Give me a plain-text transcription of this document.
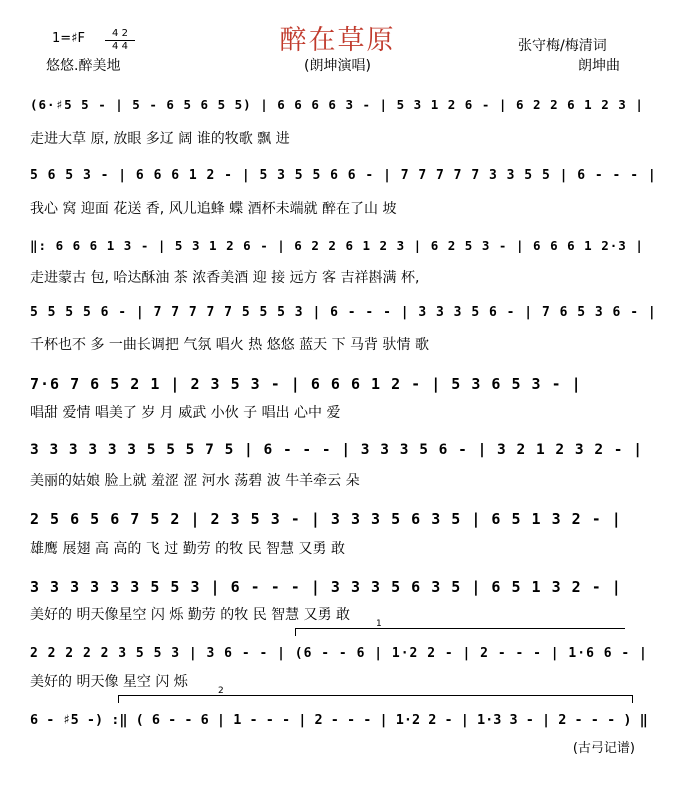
醉在草原
1=♯F	4 2
4 4
悠悠.醉美地	(朗坤演唱)
张守梅/梅清词
朗坤曲
(6·♯5 5 - | 5 - 6 5 6 5 5) | 6 6 6 6 3 - | 5 3 1 2 6 - | 6 2 2 6 1 2 3 |
走进大草 原, 放眼 多辽 阔 谁的牧歌 飘 进
5 6 5 3 - | 6 6 6 1 2 - | 5 3 5 5 6 6 - | 7 7 7 7 7 3 3 5 5 | 6 - - - |
我心 窝 迎面 花送 香, 风儿追蜂 蝶 酒杯未端就 醉在了山 坡
‖: 6 6 6 1 3 - | 5 3 1 2 6 - | 6 2 2 6 1 2 3 | 6 2 5 3 - | 6 6 6 1 2·3 |
走进蒙古 包, 哈达酥油 茶 浓香美酒 迎 接 远方 客 吉祥斟满 杯,
5 5 5 5 6 - | 7 7 7 7 7 5 5 5 3 | 6 - - - | 3 3 3 5 6 - | 7 6 5 3 6 - |
千杯也不 多 一曲长调把 气氛 唱火 热 悠悠 蓝天 下 马背 驮情 歌
7·6 7 6 5 2 1 | 2 3 5 3 - | 6 6 6 1 2 - | 5 3 6 5 3 - |
唱甜 爱情 唱美了 岁 月 威武 小伙 子 唱出 心中 爱
3 3 3 3 3 3 5 5 5 7 5 | 6 - - - | 3 3 3 5 6 - | 3 2 1 2 3 2 - |
美丽的姑娘 脸上就 羞涩 涩 河水 荡碧 波 牛羊牵云 朵
2 5 6 5 6 7 5 2 | 2 3 5 3 - | 3 3 3 5 6 3 5 | 6 5 1 3 2 - |
雄鹰 展翅 高 高的 飞 过 勤劳 的牧 民 智慧 又勇 敢
3 3 3 3 3 3 5 5 3 | 6 - - - | 3 3 3 5 6 3 5 | 6 5 1 3 2 - |
美好的 明天像星空 闪 烁 勤劳 的牧 民 智慧 又勇 敢
1
2 2 2 2 2 3 5 5 3 | 3 6 - - | (6 - - 6 | 1·2 2 - | 2 - - - | 1·6 6 - |
美好的 明天像 星空 闪 烁
2
6 - ♯5 -) :‖ ( 6 - - 6 | 1 - - - | 2 - - - | 1·2 2 - | 1·3 3 - | 2 - - - ) ‖
(古弓记谱)
